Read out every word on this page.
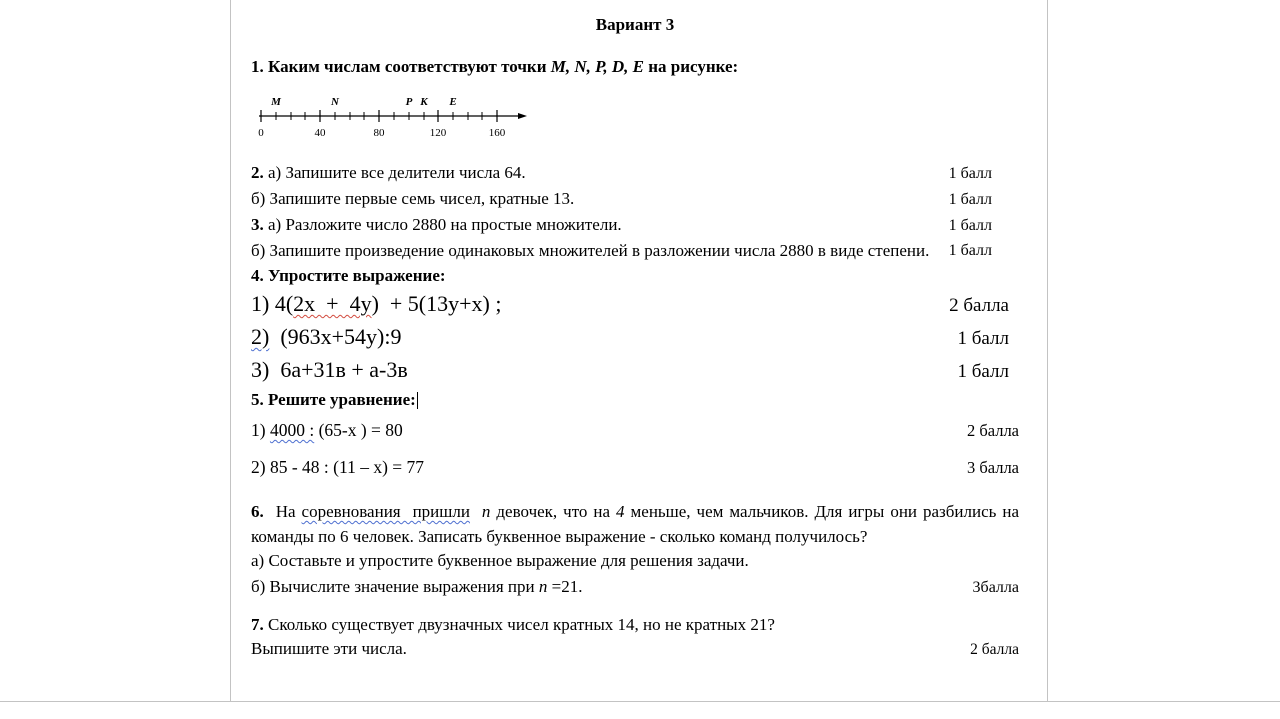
Вариант 3

1. Каким числам соответствуют точки М, N, P, D, E на рисунке:

М	N	Р К Е
0	40	80	120	160
2. а) Запишите все делители числа 64.	1 балл
б) Запишите первые семь чисел, кратные 13.	1 балл
3. а) Разложите число 2880 на простые множители.	1 балл
б) Запишите произведение одинаковых множителей в разложении числа 2880 в виде степени.	1 балл

4. Упростите выражение:

1) 4(2х  +  4у)  + 5(13у+х) ;	2 балла
2)  (963х+54у):9	1 балл
3)  6а+31в + а-3в	1 балл

5. Решите уравнение:

1) 4000 : (65-х ) = 80	2 балла
2) 85 - 48 : (11 – х) = 77	3 балла

6.  На соревнования  пришли n девочек, что на 4 меньше, чем мальчиков. Для игры они разбились на команды по 6 человек. Записать буквенное выражение - сколько команд получилось?

а) Составьте и упростите буквенное выражение для решения задачи.

б) Вычислите значение выражения при n =21.	3балла

7. Сколько существует двузначных чисел кратных 14, но не кратных 21?

Выпишите эти числа.	2 балла
